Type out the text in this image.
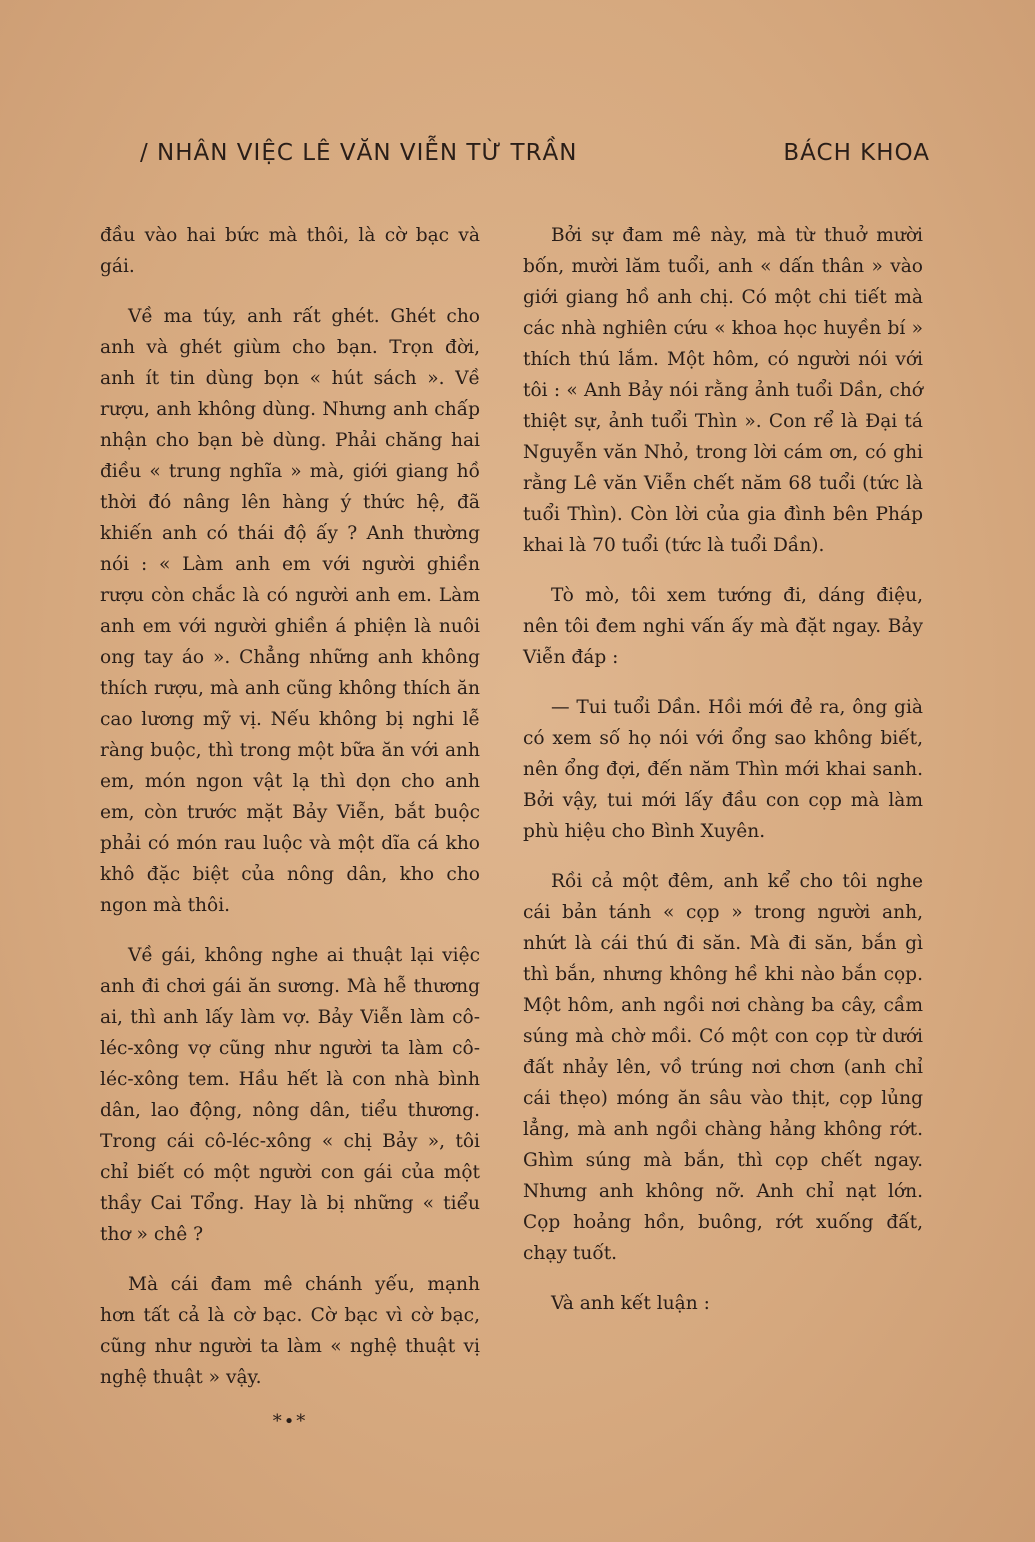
/ NHÂN VIỆC LÊ VĂN VIỄN TỪ TRẦN	BÁCH KHOA

đầu vào hai bức mà thôi, là cờ bạc và gái.

Về ma túy, anh rất ghét. Ghét cho anh và ghét giùm cho bạn. Trọn đời, anh ít tin dùng bọn « hút sách ». Về rượu, anh không dùng. Nhưng anh chấp nhận cho bạn bè dùng. Phải chăng hai điều « trung nghĩa » mà, giới giang hồ thời đó nâng lên hàng ý thức hệ, đã khiến anh có thái độ ấy ? Anh thường nói : « Làm anh em với người ghiền rượu còn chắc là có người anh em. Làm anh em với người ghiền á phiện là nuôi ong tay áo ». Chẳng những anh không thích rượu, mà anh cũng không thích ăn cao lương mỹ vị. Nếu không bị nghi lễ ràng buộc, thì trong một bữa ăn với anh em, món ngon vật lạ thì dọn cho anh em, còn trước mặt Bảy Viễn, bắt buộc phải có món rau luộc và một dĩa cá kho khô đặc biệt của nông dân, kho cho ngon mà thôi.

Về gái, không nghe ai thuật lại việc anh đi chơi gái ăn sương. Mà hễ thương ai, thì anh lấy làm vợ. Bảy Viễn làm cô-léc-xông vợ cũng như người ta làm cô-léc-xông tem. Hầu hết là con nhà bình dân, lao động, nông dân, tiểu thương. Trong cái cô-léc-xông « chị Bảy », tôi chỉ biết có một người con gái của một thầy Cai Tổng. Hay là bị những « tiểu thơ » chê ?

Mà cái đam mê chánh yếu, mạnh hơn tất cả là cờ bạc. Cờ bạc vì cờ bạc, cũng như người ta làm « nghệ thuật vị nghệ thuật » vậy.

*•*

Bởi sự đam mê này, mà từ thuở mười bốn, mười lăm tuổi, anh « dấn thân » vào giới giang hồ anh chị. Có một chi tiết mà các nhà nghiên cứu « khoa học huyền bí » thích thú lắm. Một hôm, có người nói với tôi : « Anh Bảy nói rằng ảnh tuổi Dần, chớ thiệt sự, ảnh tuổi Thìn ». Con rể là Đại tá Nguyễn văn Nhỏ, trong lời cám ơn, có ghi rằng Lê văn Viễn chết năm 68 tuổi (tức là tuổi Thìn). Còn lời của gia đình bên Pháp khai là 70 tuổi (tức là tuổi Dần).

Tò mò, tôi xem tướng đi, dáng điệu, nên tôi đem nghi vấn ấy mà đặt ngay. Bảy Viễn đáp :

— Tui tuổi Dần. Hồi mới đẻ ra, ông già có xem số họ nói với ổng sao không biết, nên ổng đợi, đến năm Thìn mới khai sanh. Bởi vậy, tui mới lấy đầu con cọp mà làm phù hiệu cho Bình Xuyên.

Rồi cả một đêm, anh kể cho tôi nghe cái bản tánh « cọp » trong người anh, nhứt là cái thú đi săn. Mà đi săn, bắn gì thì bắn, nhưng không hề khi nào bắn cọp. Một hôm, anh ngồi nơi chàng ba cây, cầm súng mà chờ mồi. Có một con cọp từ dưới đất nhảy lên, vồ trúng nơi chơn (anh chỉ cái thẹo) móng ăn sâu vào thịt, cọp lủng lẳng, mà anh ngồi chàng hảng không rớt. Ghìm súng mà bắn, thì cọp chết ngay. Nhưng anh không nỡ. Anh chỉ nạt lớn. Cọp hoảng hồn, buông, rớt xuống đất, chạy tuốt.

Và anh kết luận :
